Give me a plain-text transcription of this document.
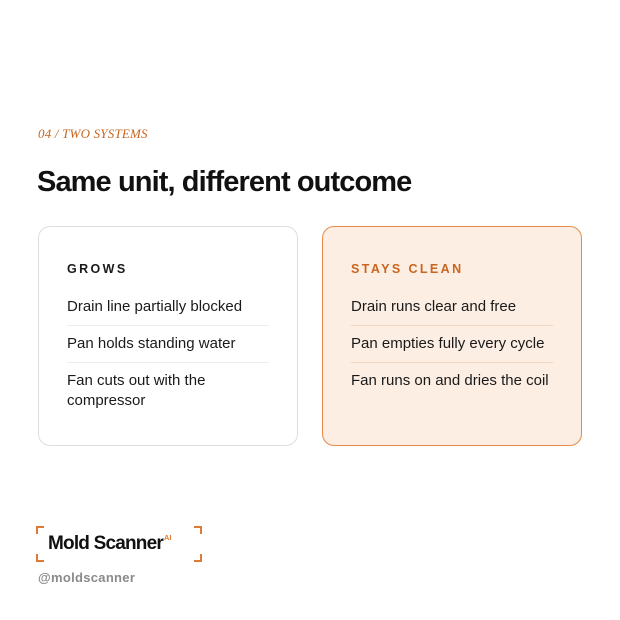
04 / TWO SYSTEMS
Same unit, different outcome
GROWS
Drain line partially blocked
Pan holds standing water
Fan cuts out with the compressor
STAYS CLEAN
Drain runs clear and free
Pan empties fully every cycle
Fan runs on and dries the coil
Mold Scanner$^{AI}$
@moldscanner
